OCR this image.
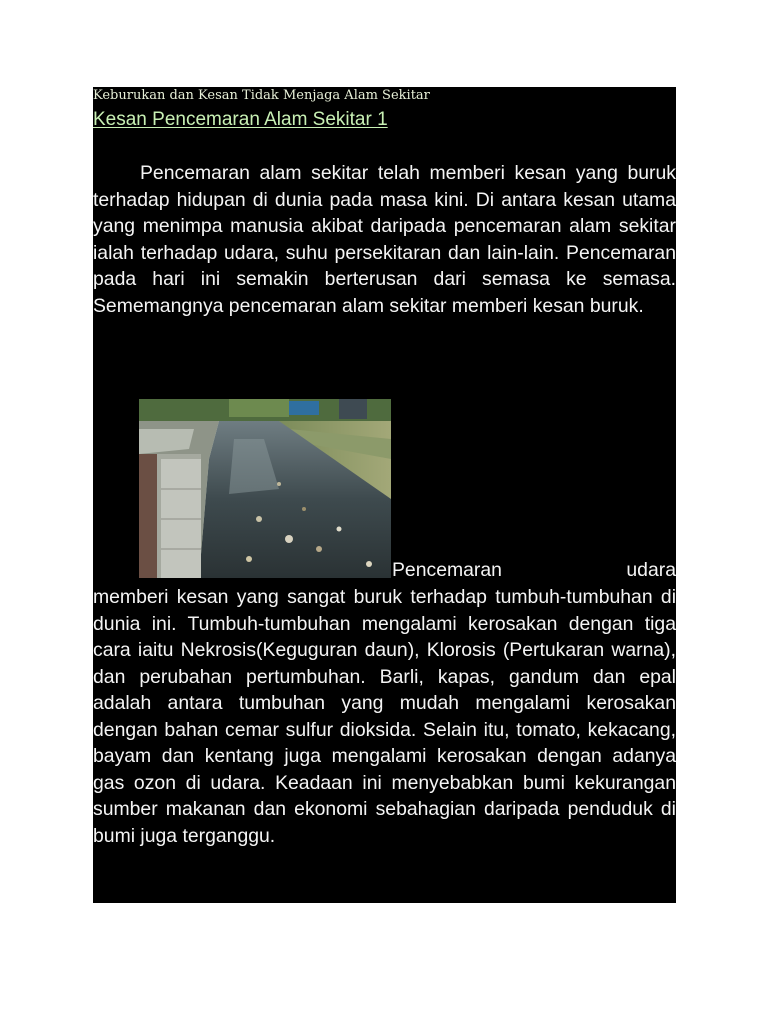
Keburukan dan Kesan Tidak Menjaga Alam Sekitar
Kesan Pencemaran Alam Sekitar 1

Pencemaran alam sekitar telah memberi kesan yang buruk terhadap hidupan di dunia pada masa kini. Di antara kesan utama yang menimpa manusia akibat daripada pencemaran alam sekitar ialah terhadap udara, suhu persekitaran dan lain-lain. Pencemaran pada hari ini semakin berterusan dari semasa ke semasa. Sememangnya pencemaran alam sekitar memberi kesan buruk.

Pencemaran	udara

memberi kesan yang sangat buruk terhadap tumbuh-tumbuhan di dunia ini. Tumbuh-tumbuhan mengalami kerosakan dengan tiga cara iaitu Nekrosis(Keguguran daun), Klorosis (Pertukaran warna), dan perubahan pertumbuhan. Barli, kapas, gandum dan epal adalah antara tumbuhan yang mudah mengalami kerosakan dengan bahan cemar sulfur dioksida. Selain itu, tomato, kekacang, bayam dan kentang juga mengalami kerosakan dengan adanya gas ozon di udara. Keadaan ini menyebabkan bumi kekurangan sumber makanan dan ekonomi sebahagian daripada penduduk di bumi juga terganggu.
